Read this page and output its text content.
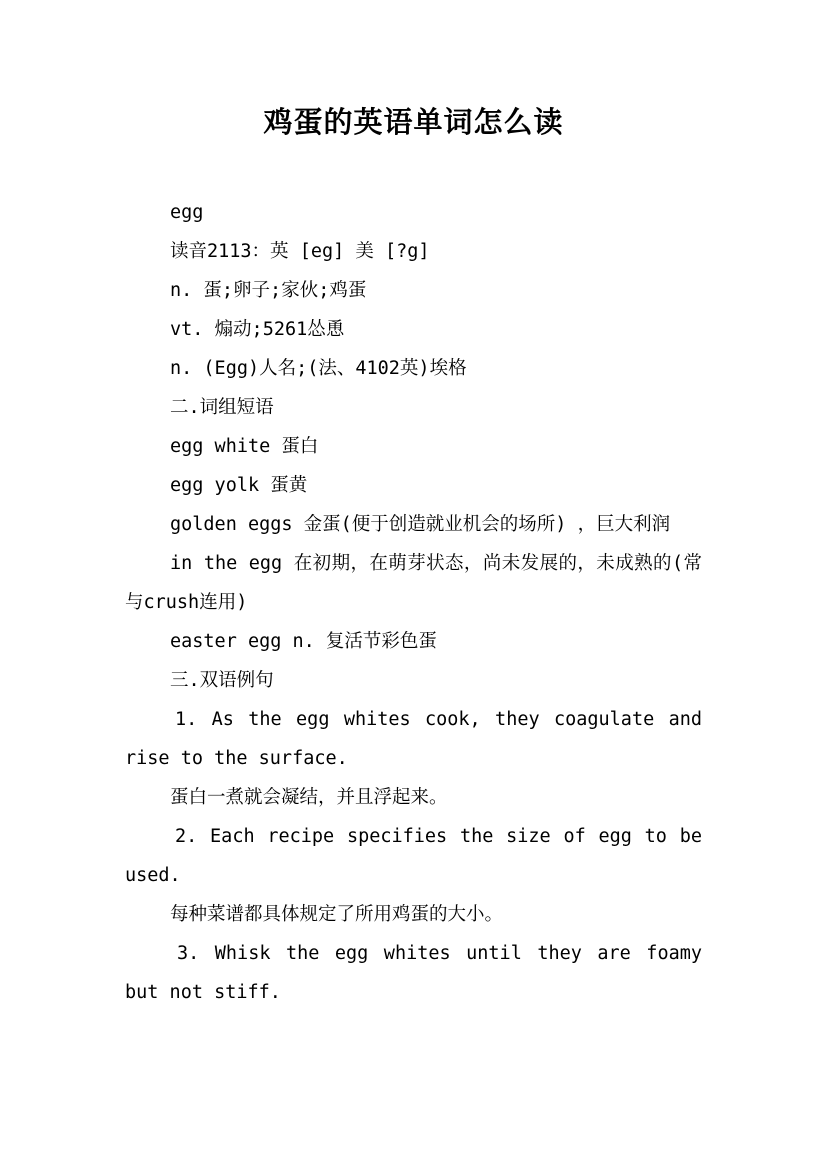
鸡蛋的英语单词怎么读

egg

读音2113：英 [eg] 美 [?g]

n. 蛋;卵子;家伙;鸡蛋

vt. 煽动;5261怂恿

n. (Egg)人名;(法、4102英)埃格

二.词组短语

egg white 蛋白

egg yolk 蛋黄

golden eggs 金蛋(便于创造就业机会的场所) ，巨大利润

in the egg 在初期，在萌芽状态，尚未发展的，未成熟的(常与crush连用)

easter egg n. 复活节彩色蛋

三.双语例句

1. As the egg whites cook, they coagulate and rise to the surface.

蛋白一煮就会凝结，并且浮起来。

2. Each recipe specifies the size of egg to be used.

每种菜谱都具体规定了所用鸡蛋的大小。

3. Whisk the egg whites until they are foamy but not stiff.
